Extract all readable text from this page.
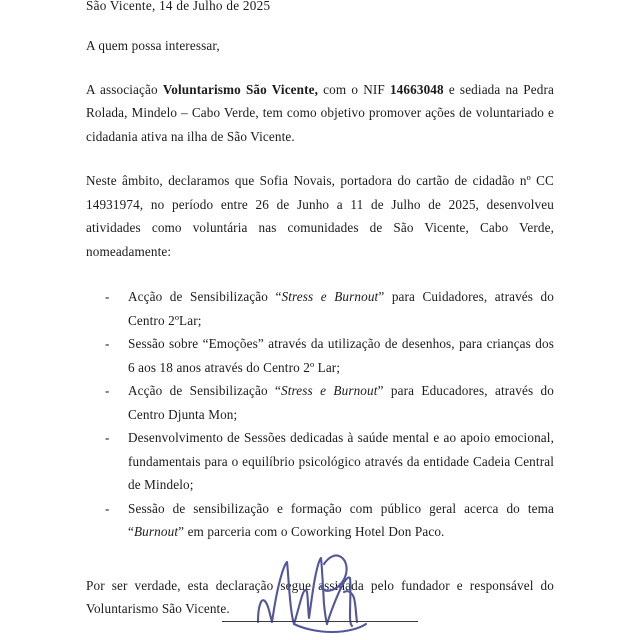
São Vicente, 14 de Julho de 2025

A quem possa interessar,

A associação Voluntarismo São Vicente, com o NIF 14663048 e sediada na Pedra Rolada, Mindelo – Cabo Verde, tem como objetivo promover ações de voluntariado e cidadania ativa na ilha de São Vicente.

Neste âmbito, declaramos que Sofia Novais, portadora do cartão de cidadão nº CC 14931974, no período entre 26 de Junho a 11 de Julho de 2025, desenvolveu atividades como voluntária nas comunidades de São Vicente, Cabo Verde, nomeadamente:

- Acção de Sensibilização “Stress e Burnout” para Cuidadores, através do Centro 2ºLar;
- Sessão sobre “Emoções” através da utilização de desenhos, para crianças dos 6 aos 18 anos através do Centro 2º Lar;
- Acção de Sensibilização “Stress e Burnout” para Educadores, através do Centro Djunta Mon;
- Desenvolvimento de Sessões dedicadas à saúde mental e ao apoio emocional, fundamentais para o equilíbrio psicológico através da entidade Cadeia Central de Mindelo;
- Sessão de sensibilização e formação com público geral acerca do tema “Burnout” em parceria com o Coworking Hotel Don Paco.

Por ser verdade, esta declaração segue assinada pelo fundador e responsável do Voluntarismo São Vicente.
